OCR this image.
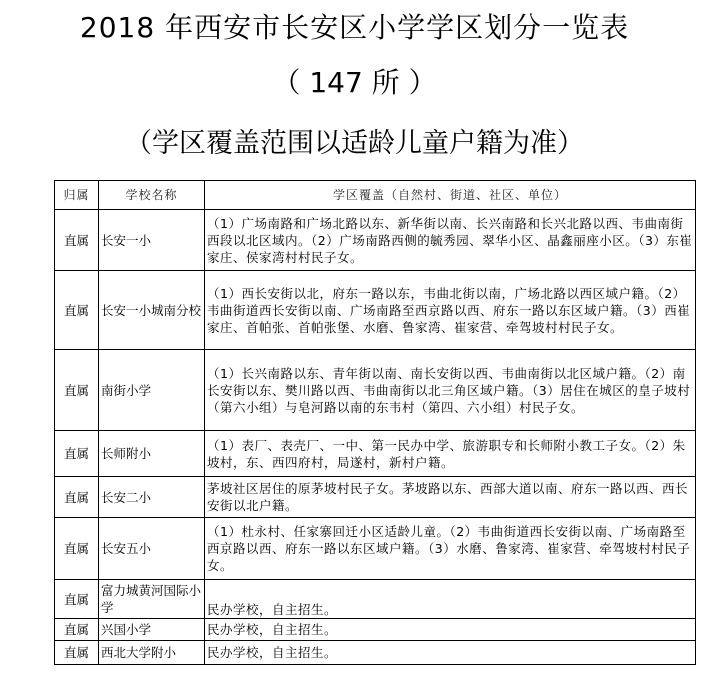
2018 年西安市长安区小学学区划分一览表
（ 147 所 ）
（学区覆盖范围以适龄儿童户籍为准）
归属	学校名称	学区覆盖（自然村、街道、社区、单位）
直属	长安一小	（1）广场南路和广场北路以东、新华街以南、长兴南路和长兴北路以西、韦曲南街西段以北区域内。（2）广场南路西侧的毓秀园、翠华小区、晶鑫丽座小区。（3）东崔家庄、侯家湾村村民子女。
直属	长安一小城南分校	（1）西长安街以北，府东一路以东，韦曲北街以南，广场北路以西区域户籍。（2）韦曲街道西长安街以南、广场南路至西京路以西、府东一路以东区域户籍。（3）西崔家庄、首帕张、首帕张堡、水磨、鲁家湾、崔家营、牵驾坡村村民子女。
直属	南街小学	（1）长兴南路以东、青年街以南、南长安街以西、韦曲南街以北区域户籍。（2）南长安街以东、樊川路以西、韦曲南街以北三角区域户籍。（3）居住在城区的皇子坡村（第六小组）与皂河路以南的东韦村（第四、六小组）村民子女。
直属	长师附小	（1）表厂、表壳厂、一中、第一民办中学、旅游职专和长师附小教工子女。（2）朱坡村，东、西四府村，局遂村，新村户籍。
直属	长安二小	茅坡社区居住的原茅坡村民子女。茅坡路以东、西部大道以南、府东一路以西、西长安街以北户籍。
直属	长安五小	（1）杜永村、任家寨回迁小区适龄儿童。（2）韦曲街道西长安街以南、广场南路至西京路以西、府东一路以东区域户籍。（3）水磨、鲁家湾、崔家营、牵驾坡村村民子女。
直属	富力城黄河国际小学	民办学校，自主招生。
直属	兴国小学	民办学校，自主招生。
直属	西北大学附小	民办学校，自主招生。
